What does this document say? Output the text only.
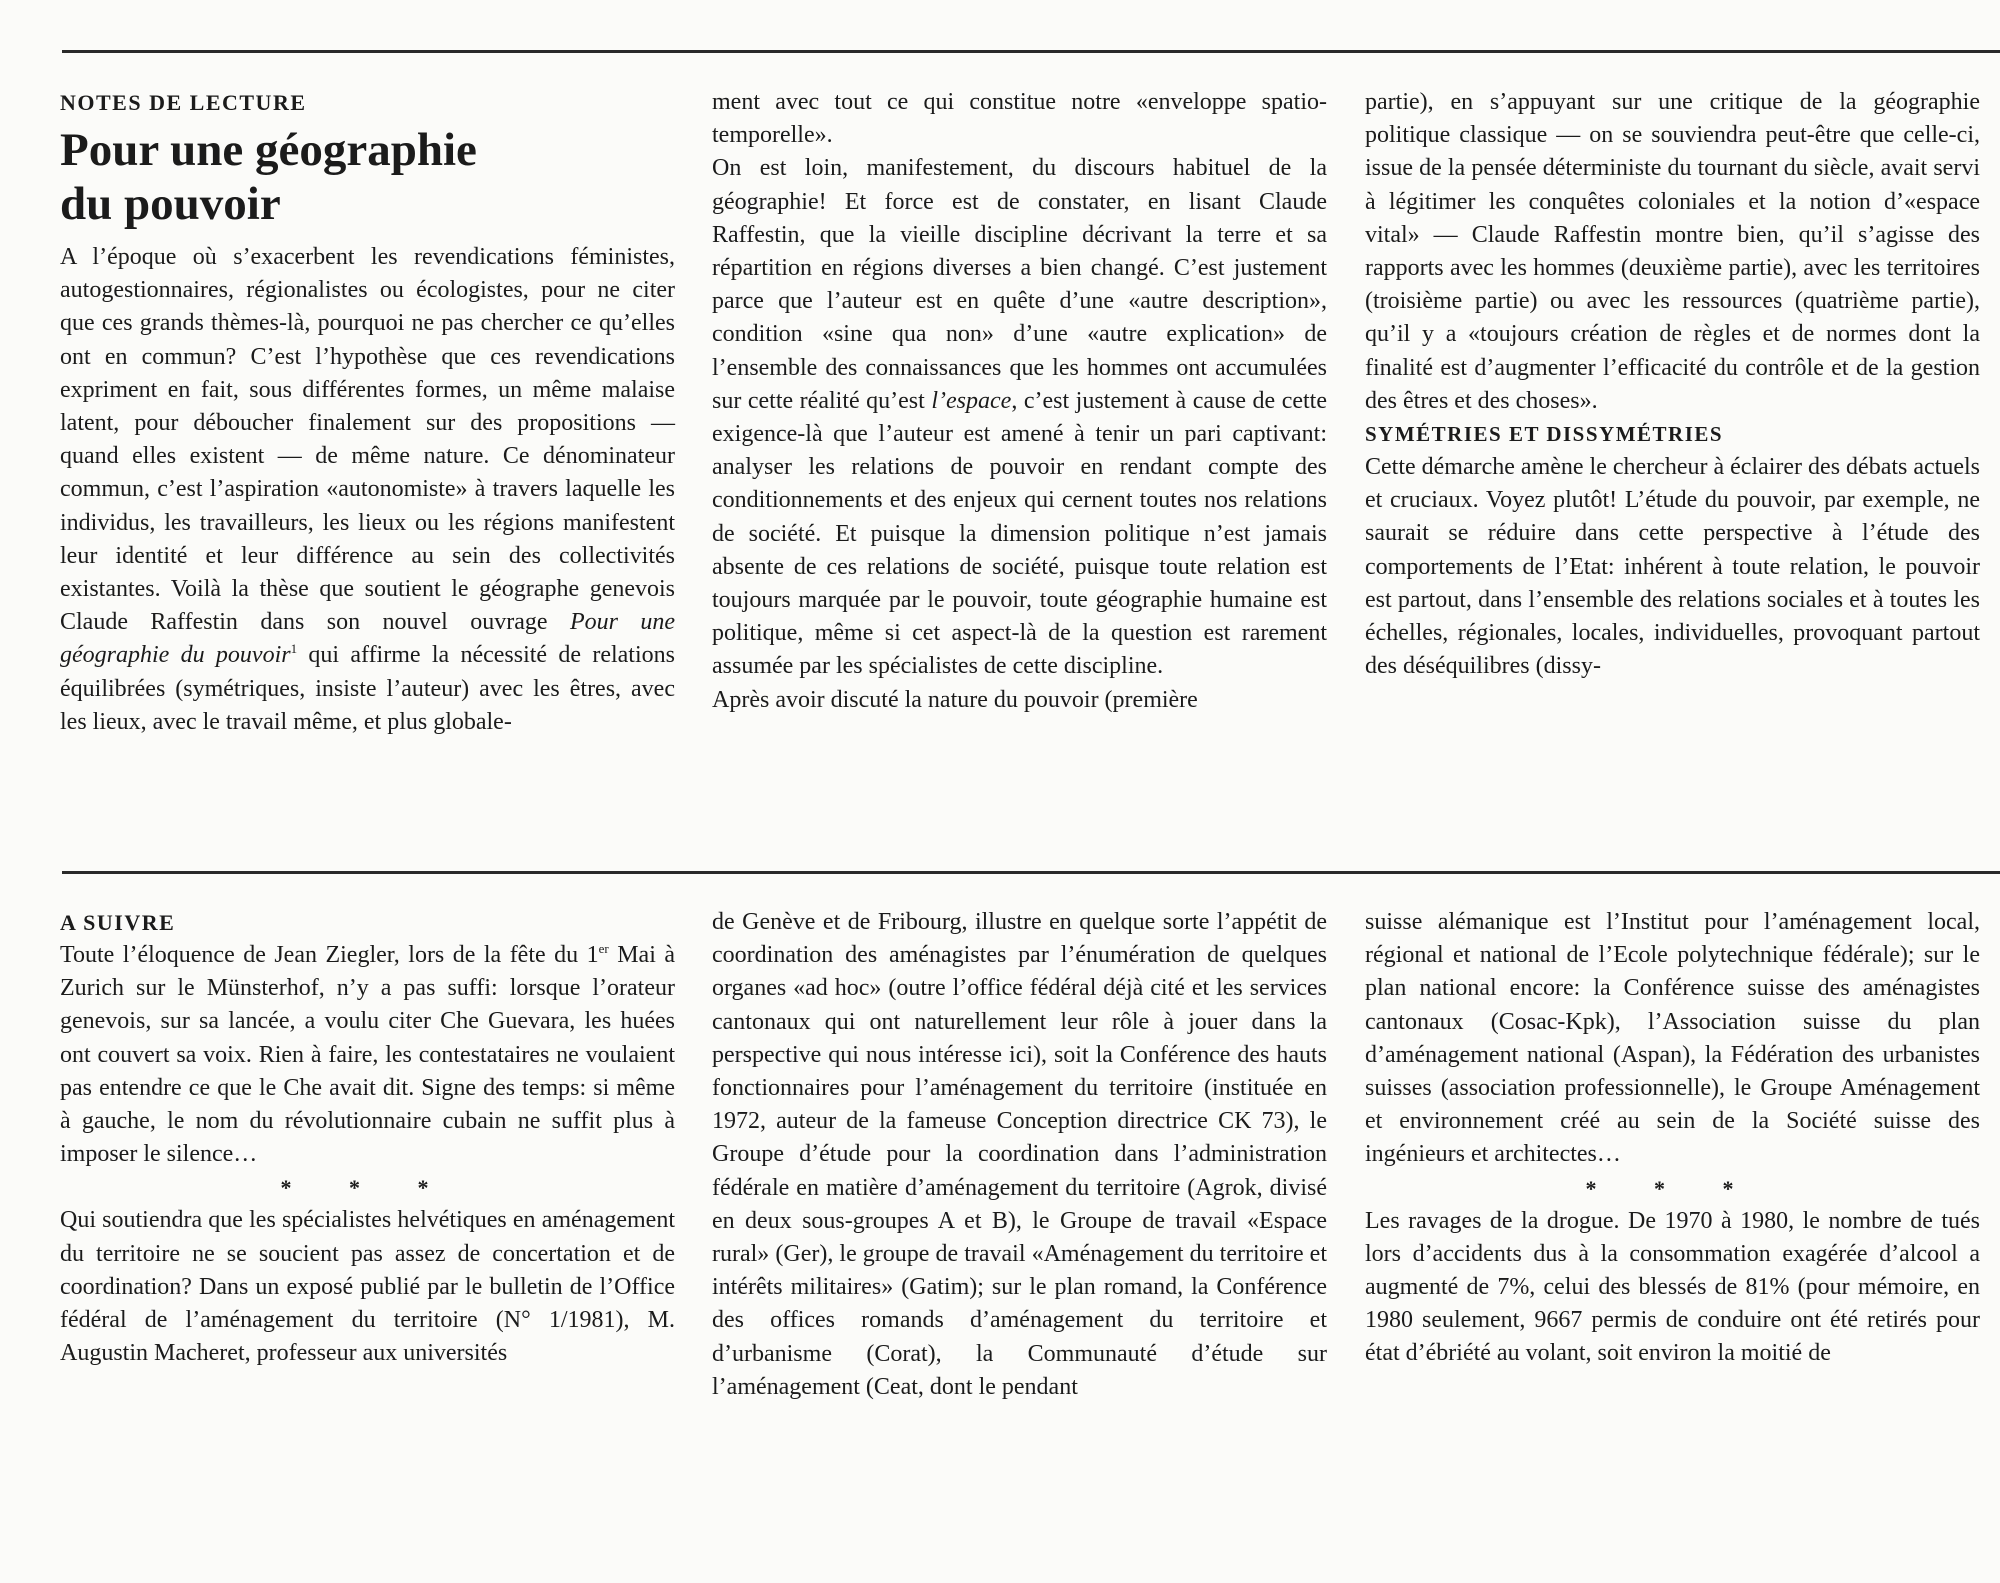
NOTES DE LECTURE

Pour une géographie
du pouvoir

A l’époque où s’exacerbent les revendications féministes, autogestionnaires, régionalistes ou écologistes, pour ne citer que ces grands thèmes-là, pourquoi ne pas chercher ce qu’elles ont en commun? C’est l’hypothèse que ces revendications expriment en fait, sous différentes formes, un même malaise latent, pour déboucher finalement sur des propositions — quand elles existent — de même nature. Ce dénominateur commun, c’est l’aspiration «autonomiste» à travers laquelle les individus, les travailleurs, les lieux ou les régions manifestent leur identité et leur différence au sein des collectivités existantes. Voilà la thèse que soutient le géographe genevois Claude Raffestin dans son nouvel ouvrage Pour une géographie du pouvoir$^1$ qui affirme la nécessité de relations équilibrées (symétriques, insiste l’auteur) avec les êtres, avec les lieux, avec le travail même, et plus globale-

ment avec tout ce qui constitue notre «enveloppe spatio-temporelle».

On est loin, manifestement, du discours habituel de la géographie! Et force est de constater, en lisant Claude Raffestin, que la vieille discipline décrivant la terre et sa répartition en régions diverses a bien changé. C’est justement parce que l’auteur est en quête d’une «autre description», condition «sine qua non» d’une «autre explication» de l’ensemble des connaissances que les hommes ont accumulées sur cette réalité qu’est l’espace, c’est justement à cause de cette exigence-là que l’auteur est amené à tenir un pari captivant: analyser les relations de pouvoir en rendant compte des conditionnements et des enjeux qui cernent toutes nos relations de société. Et puisque la dimension politique n’est jamais absente de ces relations de société, puisque toute relation est toujours marquée par le pouvoir, toute géographie humaine est politique, même si cet aspect-là de la question est rarement assumée par les spécialistes de cette discipline.

Après avoir discuté la nature du pouvoir (première

partie), en s’appuyant sur une critique de la géographie politique classique — on se souviendra peut-être que celle-ci, issue de la pensée déterministe du tournant du siècle, avait servi à légitimer les conquêtes coloniales et la notion d’«espace vital» — Claude Raffestin montre bien, qu’il s’agisse des rapports avec les hommes (deuxième partie), avec les territoires (troisième partie) ou avec les ressources (quatrième partie), qu’il y a «toujours création de règles et de normes dont la finalité est d’augmenter l’efficacité du contrôle et de la gestion des êtres et des choses».

SYMÉTRIES ET DISSYMÉTRIES

Cette démarche amène le chercheur à éclairer des débats actuels et cruciaux. Voyez plutôt! L’étude du pouvoir, par exemple, ne saurait se réduire dans cette perspective à l’étude des comportements de l’Etat: inhérent à toute relation, le pouvoir est partout, dans l’ensemble des relations sociales et à toutes les échelles, régionales, locales, individuelles, provoquant partout des déséquilibres (dissy-

A SUIVRE

Toute l’éloquence de Jean Ziegler, lors de la fête du 1er Mai à Zurich sur le Münsterhof, n’y a pas suffi: lorsque l’orateur genevois, sur sa lancée, a voulu citer Che Guevara, les huées ont couvert sa voix. Rien à faire, les contestataires ne voulaient pas entendre ce que le Che avait dit. Signe des temps: si même à gauche, le nom du révolutionnaire cubain ne suffit plus à imposer le silence…

* * *

Qui soutiendra que les spécialistes helvétiques en aménagement du territoire ne se soucient pas assez de concertation et de coordination? Dans un exposé publié par le bulletin de l’Office fédéral de l’aménagement du territoire (N° 1/1981), M. Augustin Macheret, professeur aux universités

de Genève et de Fribourg, illustre en quelque sorte l’appétit de coordination des aménagistes par l’énumération de quelques organes «ad hoc» (outre l’office fédéral déjà cité et les services cantonaux qui ont naturellement leur rôle à jouer dans la perspective qui nous intéresse ici), soit la Conférence des hauts fonctionnaires pour l’aménagement du territoire (instituée en 1972, auteur de la fameuse Conception directrice CK 73), le Groupe d’étude pour la coordination dans l’administration fédérale en matière d’aménagement du territoire (Agrok, divisé en deux sous-groupes A et B), le Groupe de travail «Espace rural» (Ger), le groupe de travail «Aménagement du territoire et intérêts militaires» (Gatim); sur le plan romand, la Conférence des offices romands d’aménagement du territoire et d’urbanisme (Corat), la Communauté d’étude sur l’aménagement (Ceat, dont le pendant

suisse alémanique est l’Institut pour l’aménagement local, régional et national de l’Ecole polytechnique fédérale); sur le plan national encore: la Conférence suisse des aménagistes cantonaux (Cosac-Kpk), l’Association suisse du plan d’aménagement national (Aspan), la Fédération des urbanistes suisses (association professionnelle), le Groupe Aménagement et environnement créé au sein de la Société suisse des ingénieurs et architectes…

* * *

Les ravages de la drogue. De 1970 à 1980, le nombre de tués lors d’accidents dus à la consommation exagérée d’alcool a augmenté de 7%, celui des blessés de 81% (pour mémoire, en 1980 seulement, 9667 permis de conduire ont été retirés pour état d’ébriété au volant, soit environ la moitié de
